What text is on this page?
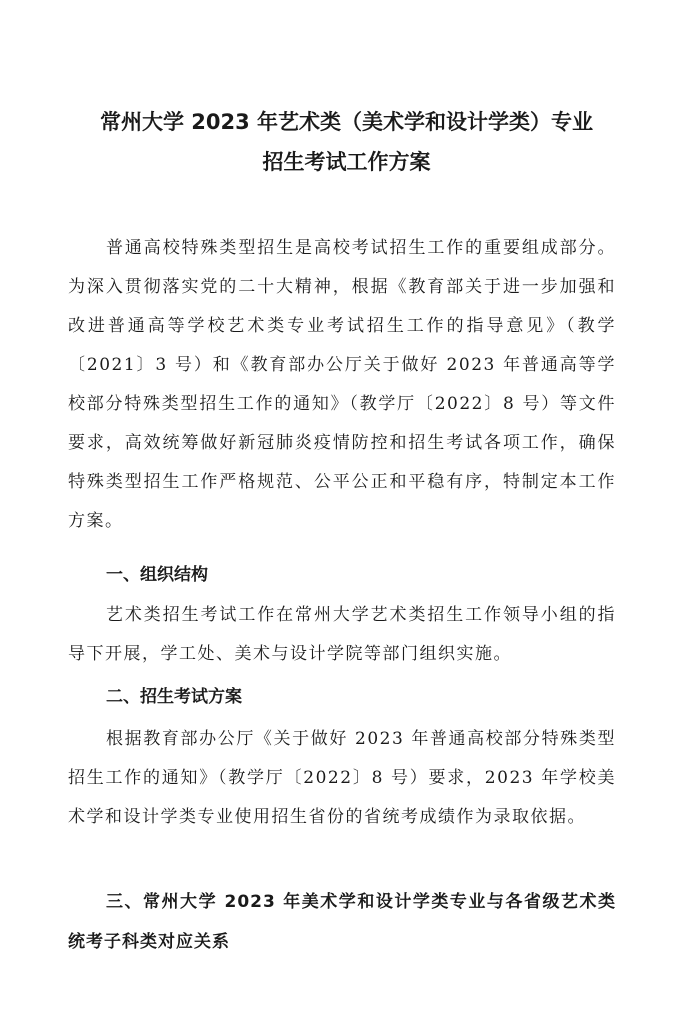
常州大学 2023 年艺术类（美术学和设计学类）专业
招生考试工作方案

普通高校特殊类型招生是高校考试招生工作的重要组成部分。为深入贯彻落实党的二十大精神，根据《教育部关于进一步加强和改进普通高等学校艺术类专业考试招生工作的指导意见》（教学〔2021〕3 号）和《教育部办公厅关于做好 2023 年普通高等学校部分特殊类型招生工作的通知》（教学厅〔2022〕8 号）等文件要求，高效统筹做好新冠肺炎疫情防控和招生考试各项工作，确保特殊类型招生工作严格规范、公平公正和平稳有序，特制定本工作方案。

一、组织结构

艺术类招生考试工作在常州大学艺术类招生工作领导小组的指导下开展，学工处、美术与设计学院等部门组织实施。

二、招生考试方案

根据教育部办公厅《关于做好 2023 年普通高校部分特殊类型招生工作的通知》（教学厅〔2022〕8 号）要求，2023 年学校美术学和设计学类专业使用招生省份的省统考成绩作为录取依据。

三、常州大学 2023 年美术学和设计学类专业与各省级艺术类统考子科类对应关系
